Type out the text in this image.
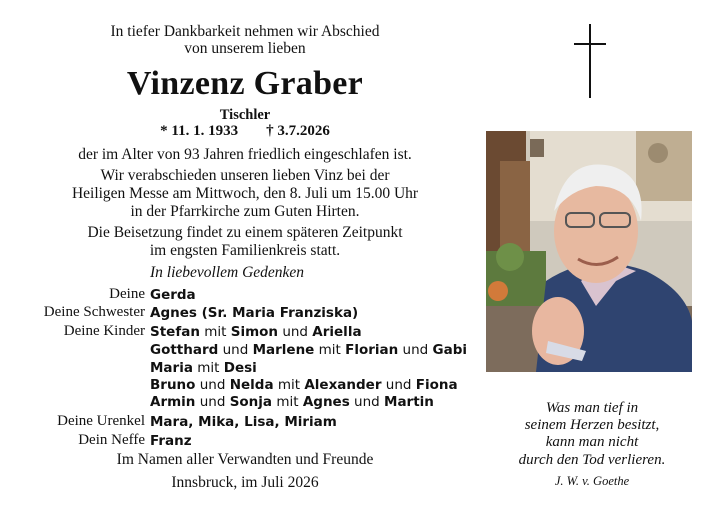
In tiefer Dankbarkeit nehmen wir Abschied
von unserem lieben
Vinzenz Graber
Tischler
* 11. 1. 1933 † 3.7.2026
der im Alter von 93 Jahren friedlich eingeschlafen ist.
Wir verabschieden unseren lieben Vinz bei der
Heiligen Messe am Mittwoch, den 8. Juli um 15.00 Uhr
in der Pfarrkirche zum Guten Hirten.
Die Beisetzung findet zu einem späteren Zeitpunkt
im engsten Familienkreis statt.
In liebevollem Gedenken
Deine Gerda
Deine Schwester Agnes (Sr. Maria Franziska)
Deine Kinder Stefan mit Simon und Ariella
Gotthard und Marlene mit Florian und Gabi
Maria mit Desi
Bruno und Nelda mit Alexander und Fiona
Armin und Sonja mit Agnes und Martin
Deine Urenkel Mara, Mika, Lisa, Miriam
Dein Neffe Franz
Im Namen aller Verwandten und Freunde
Innsbruck, im Juli 2026
Was man tief in
seinem Herzen besitzt,
kann man nicht
durch den Tod verlieren.
J. W. v. Goethe
